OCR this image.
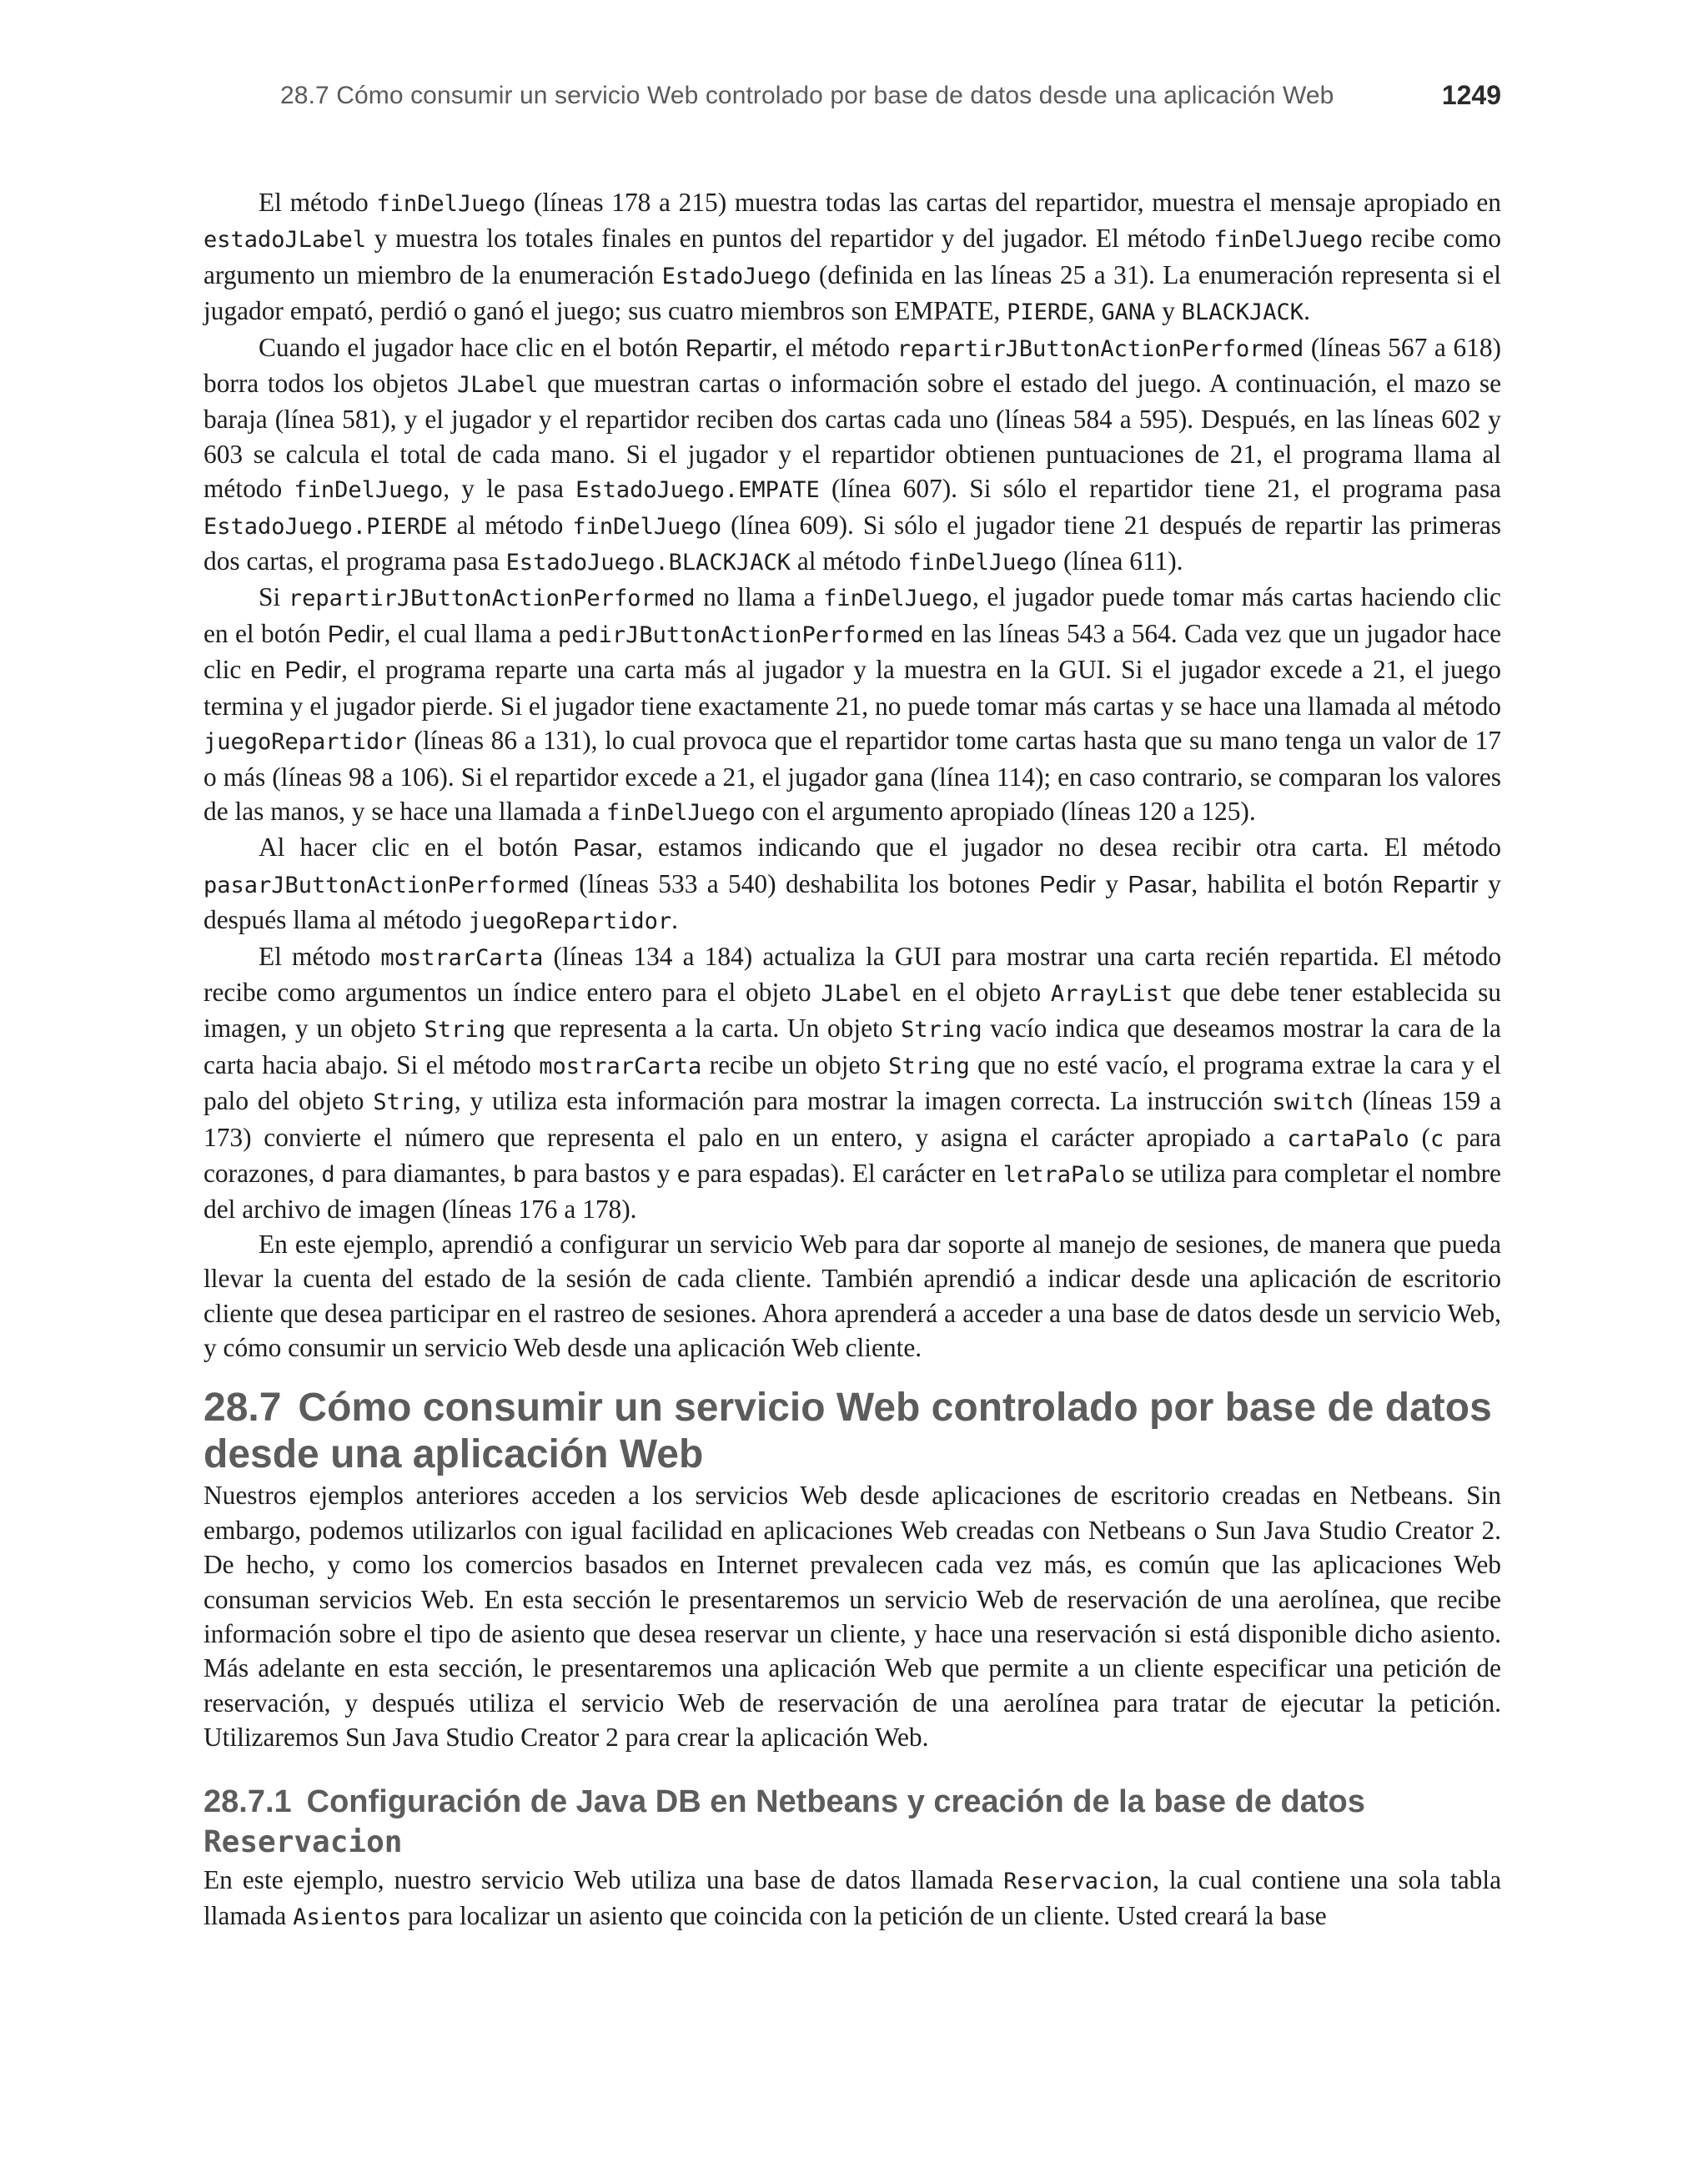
28.7 Cómo consumir un servicio Web controlado por base de datos desde una aplicación Web	1249

El método finDelJuego (líneas 178 a 215) muestra todas las cartas del repartidor, muestra el mensaje apropiado en estadoJLabel y muestra los totales finales en puntos del repartidor y del jugador. El método finDelJuego recibe como argumento un miembro de la enumeración EstadoJuego (definida en las líneas 25 a 31). La enumeración representa si el jugador empató, perdió o ganó el juego; sus cuatro miembros son EMPATE, PIERDE, GANA y BLACKJACK.

Cuando el jugador hace clic en el botón Repartir, el método repartirJButtonActionPerformed (líneas 567 a 618) borra todos los objetos JLabel que muestran cartas o información sobre el estado del juego. A continuación, el mazo se baraja (línea 581), y el jugador y el repartidor reciben dos cartas cada uno (líneas 584 a 595). Después, en las líneas 602 y 603 se calcula el total de cada mano. Si el jugador y el repartidor obtienen puntuaciones de 21, el programa llama al método finDelJuego, y le pasa EstadoJuego.EMPATE (línea 607). Si sólo el repartidor tiene 21, el programa pasa EstadoJuego.PIERDE al método finDelJuego (línea 609). Si sólo el jugador tiene 21 después de repartir las primeras dos cartas, el programa pasa EstadoJuego.BLACKJACK al método finDelJuego (línea 611).

Si repartirJButtonActionPerformed no llama a finDelJuego, el jugador puede tomar más cartas haciendo clic en el botón Pedir, el cual llama a pedirJButtonActionPerformed en las líneas 543 a 564. Cada vez que un jugador hace clic en Pedir, el programa reparte una carta más al jugador y la muestra en la GUI. Si el jugador excede a 21, el juego termina y el jugador pierde. Si el jugador tiene exactamente 21, no puede tomar más cartas y se hace una llamada al método juegoRepartidor (líneas 86 a 131), lo cual provoca que el repartidor tome cartas hasta que su mano tenga un valor de 17 o más (líneas 98 a 106). Si el repartidor excede a 21, el jugador gana (línea 114); en caso contrario, se comparan los valores de las manos, y se hace una llamada a finDelJuego con el argumento apropiado (líneas 120 a 125).

Al hacer clic en el botón Pasar, estamos indicando que el jugador no desea recibir otra carta. El método pasarJButtonActionPerformed (líneas 533 a 540) deshabilita los botones Pedir y Pasar, habilita el botón Repartir y después llama al método juegoRepartidor.

El método mostrarCarta (líneas 134 a 184) actualiza la GUI para mostrar una carta recién repartida. El método recibe como argumentos un índice entero para el objeto JLabel en el objeto ArrayList que debe tener establecida su imagen, y un objeto String que representa a la carta. Un objeto String vacío indica que deseamos mostrar la cara de la carta hacia abajo. Si el método mostrarCarta recibe un objeto String que no esté vacío, el programa extrae la cara y el palo del objeto String, y utiliza esta información para mostrar la imagen correcta. La instrucción switch (líneas 159 a 173) convierte el número que representa el palo en un entero, y asigna el carácter apropiado a cartaPalo (c para corazones, d para diamantes, b para bastos y e para espadas). El carácter en letraPalo se utiliza para completar el nombre del archivo de imagen (líneas 176 a 178).

En este ejemplo, aprendió a configurar un servicio Web para dar soporte al manejo de sesiones, de manera que pueda llevar la cuenta del estado de la sesión de cada cliente. También aprendió a indicar desde una aplicación de escritorio cliente que desea participar en el rastreo de sesiones. Ahora aprenderá a acceder a una base de datos desde un servicio Web, y cómo consumir un servicio Web desde una aplicación Web cliente.

28.7 Cómo consumir un servicio Web controlado por base de datos desde una aplicación Web

Nuestros ejemplos anteriores acceden a los servicios Web desde aplicaciones de escritorio creadas en Netbeans. Sin embargo, podemos utilizarlos con igual facilidad en aplicaciones Web creadas con Netbeans o Sun Java Studio Creator 2. De hecho, y como los comercios basados en Internet prevalecen cada vez más, es común que las aplicaciones Web consuman servicios Web. En esta sección le presentaremos un servicio Web de reservación de una aerolínea, que recibe información sobre el tipo de asiento que desea reservar un cliente, y hace una reservación si está disponible dicho asiento. Más adelante en esta sección, le presentaremos una aplicación Web que permite a un cliente especificar una petición de reservación, y después utiliza el servicio Web de reservación de una aerolínea para tratar de ejecutar la petición. Utilizaremos Sun Java Studio Creator 2 para crear la aplicación Web.

28.7.1 Configuración de Java DB en Netbeans y creación de la base de datos
Reservacion

En este ejemplo, nuestro servicio Web utiliza una base de datos llamada Reservacion, la cual contiene una sola tabla llamada Asientos para localizar un asiento que coincida con la petición de un cliente. Usted creará la base
